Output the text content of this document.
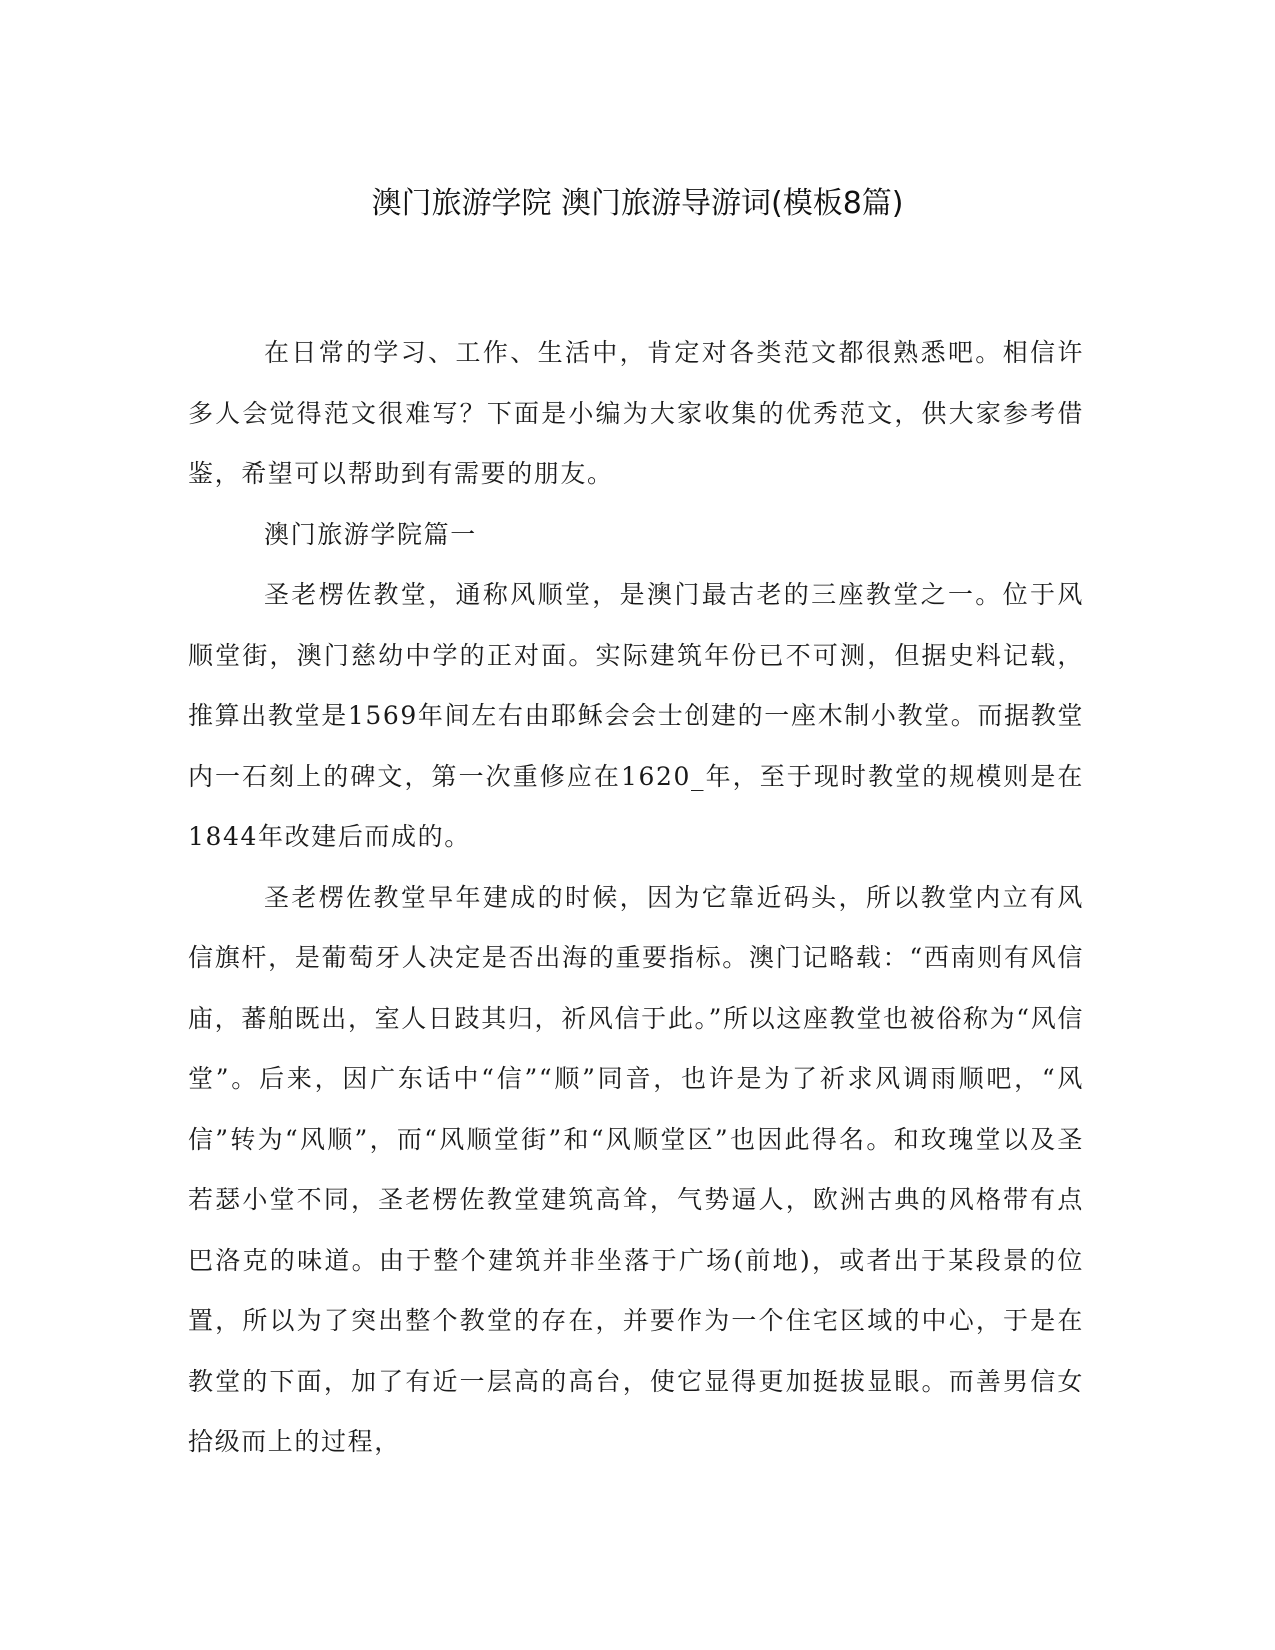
澳门旅游学院 澳门旅游导游词(模板8篇)

在日常的学习、工作、生活中，肯定对各类范文都很熟悉吧。相信许多人会觉得范文很难写？下面是小编为大家收集的优秀范文，供大家参考借鉴，希望可以帮助到有需要的朋友。

澳门旅游学院篇一

圣老楞佐教堂，通称风顺堂，是澳门最古老的三座教堂之一。位于风顺堂街，澳门慈幼中学的正对面。实际建筑年份已不可测，但据史料记载，推算出教堂是1569年间左右由耶稣会会士创建的一座木制小教堂。而据教堂内一石刻上的碑文，第一次重修应在1620_年，至于现时教堂的规模则是在1844年改建后而成的。

圣老楞佐教堂早年建成的时候，因为它靠近码头，所以教堂内立有风信旗杆，是葡萄牙人决定是否出海的重要指标。澳门记略载：“西南则有风信庙，蕃舶既出，室人日跂其归，祈风信于此。”所以这座教堂也被俗称为“风信堂”。后来，因广东话中“信”“顺”同音，也许是为了祈求风调雨顺吧，“风信”转为“风顺”，而“风顺堂街”和“风顺堂区”也因此得名。和玫瑰堂以及圣若瑟小堂不同，圣老楞佐教堂建筑高耸，气势逼人，欧洲古典的风格带有点巴洛克的味道。由于整个建筑并非坐落于广场(前地)，或者出于某段景的位置，所以为了突出整个教堂的存在，并要作为一个住宅区域的中心，于是在教堂的下面，加了有近一层高的高台，使它显得更加挺拔显眼。而善男信女拾级而上的过程，
